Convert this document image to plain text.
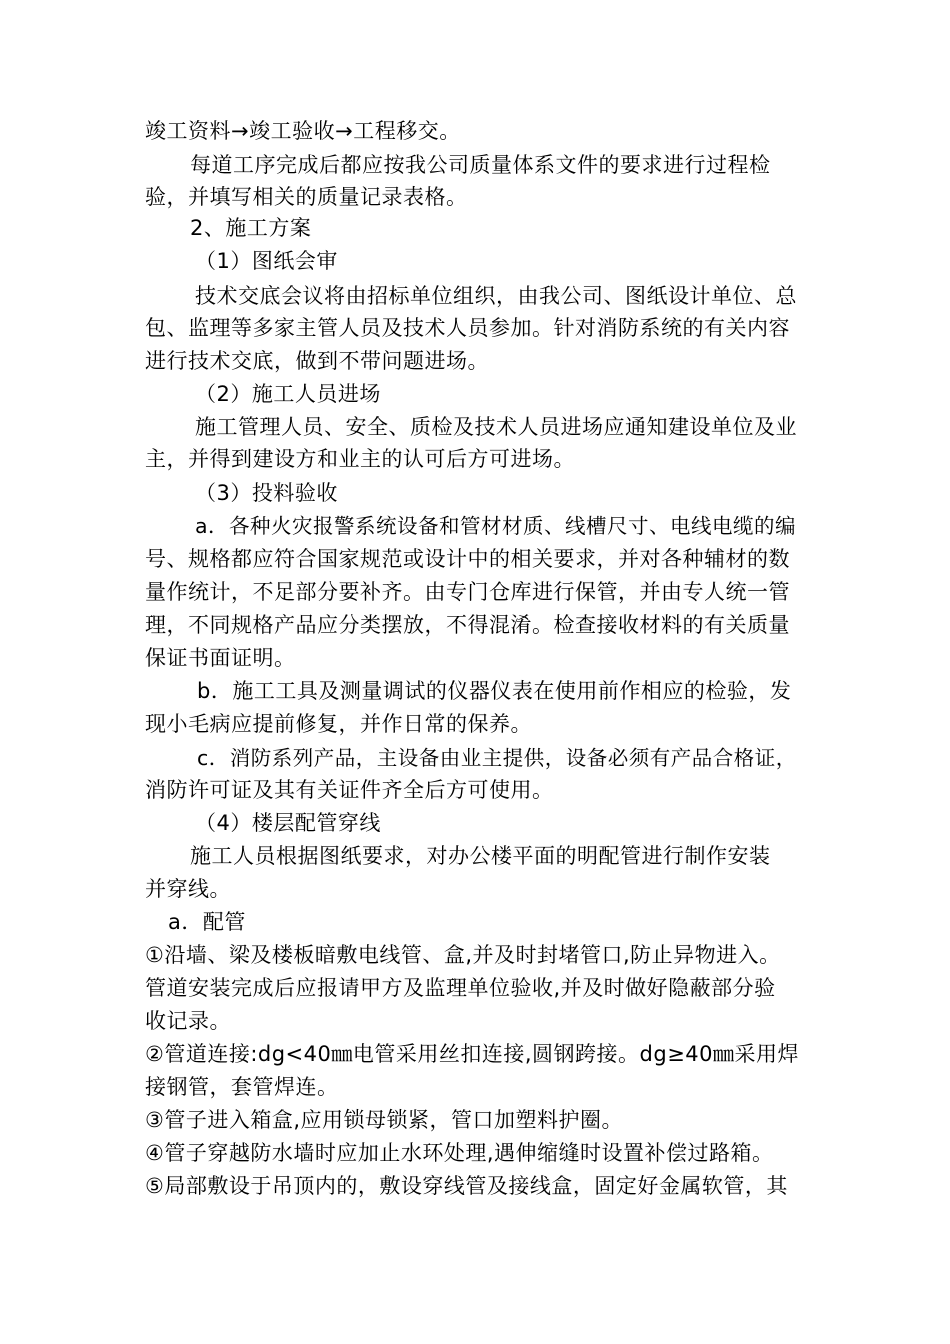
竣工资料→竣工验收→工程移交。
每道工序完成后都应按我公司质量体系文件的要求进行过程检
验，并填写相关的质量记录表格。
2、施工方案
（1）图纸会审
技术交底会议将由招标单位组织，由我公司、图纸设计单位、总
包、监理等多家主管人员及技术人员参加。针对消防系统的有关内容
进行技术交底，做到不带问题进场。
（2）施工人员进场
施工管理人员、安全、质检及技术人员进场应通知建设单位及业
主，并得到建设方和业主的认可后方可进场。
（3）投料验收
a．各种火灾报警系统设备和管材材质、线槽尺寸、电线电缆的编
号、规格都应符合国家规范或设计中的相关要求，并对各种辅材的数
量作统计，不足部分要补齐。由专门仓库进行保管，并由专人统一管
理，不同规格产品应分类摆放，不得混淆。检查接收材料的有关质量
保证书面证明。
b．施工工具及测量调试的仪器仪表在使用前作相应的检验，发
现小毛病应提前修复，并作日常的保养。
c．消防系列产品，主设备由业主提供，设备必须有产品合格证，
消防许可证及其有关证件齐全后方可使用。
（4）楼层配管穿线
施工人员根据图纸要求，对办公楼平面的明配管进行制作安装
并穿线。
a．配管
①沿墙、梁及楼板暗敷电线管、盒,并及时封堵管口,防止异物进入。
管道安装完成后应报请甲方及监理单位验收,并及时做好隐蔽部分验
收记录。
②管道连接:dg<40㎜电管采用丝扣连接,圆钢跨接。dg≥40㎜采用焊
接钢管，套管焊连。
③管子进入箱盒,应用锁母锁紧，管口加塑料护圈。
④管子穿越防水墙时应加止水环处理,遇伸缩缝时设置补偿过路箱。
⑤局部敷设于吊顶内的，敷设穿线管及接线盒，固定好金属软管，其
